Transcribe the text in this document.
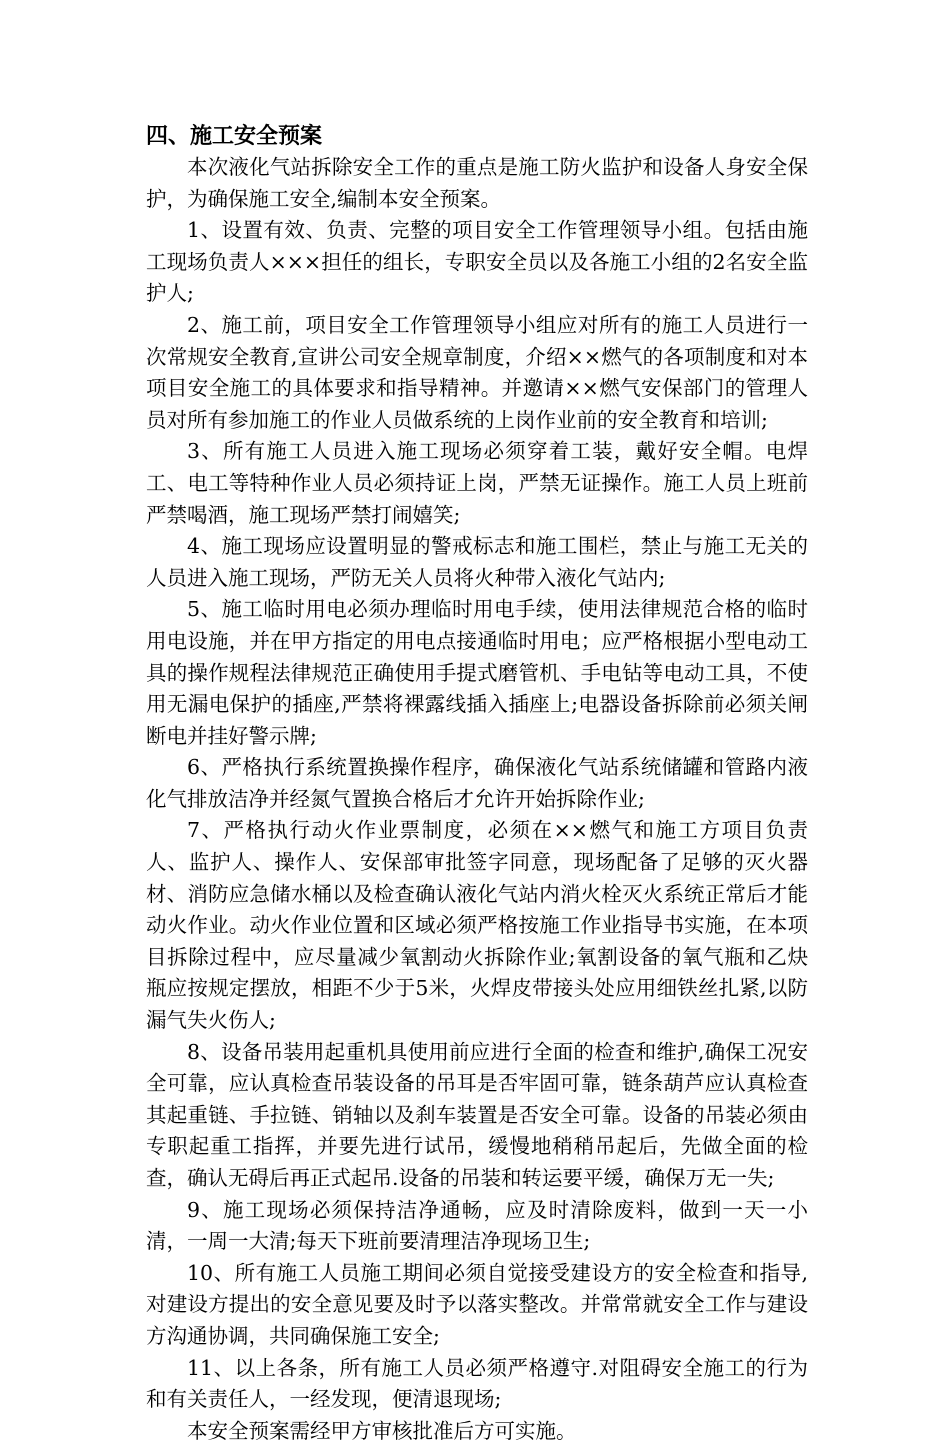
四、施工安全预案

本次液化气站拆除安全工作的重点是施工防火监护和设备人身安全保护，为确保施工安全,编制本安全预案。

1、设置有效、负责、完整的项目安全工作管理领导小组。包括由施工现场负责人×××担任的组长，专职安全员以及各施工小组的2名安全监护人;

2、施工前，项目安全工作管理领导小组应对所有的施工人员进行一次常规安全教育,宣讲公司安全规章制度，介绍××燃气的各项制度和对本项目安全施工的具体要求和指导精神。并邀请××燃气安保部门的管理人员对所有参加施工的作业人员做系统的上岗作业前的安全教育和培训;

3、所有施工人员进入施工现场必须穿着工装，戴好安全帽。电焊工、电工等特种作业人员必须持证上岗，严禁无证操作。施工人员上班前严禁喝酒，施工现场严禁打闹嬉笑;

4、施工现场应设置明显的警戒标志和施工围栏，禁止与施工无关的人员进入施工现场，严防无关人员将火种带入液化气站内;

5、施工临时用电必须办理临时用电手续，使用法律规范合格的临时用电设施，并在甲方指定的用电点接通临时用电；应严格根据小型电动工具的操作规程法律规范正确使用手提式磨管机、手电钻等电动工具，不使用无漏电保护的插座,严禁将裸露线插入插座上;电器设备拆除前必须关闸断电并挂好警示牌;

6、严格执行系统置换操作程序，确保液化气站系统储罐和管路内液化气排放洁净并经氮气置换合格后才允许开始拆除作业;

7、严格执行动火作业票制度，必须在××燃气和施工方项目负责人、监护人、操作人、安保部审批签字同意，现场配备了足够的灭火器材、消防应急储水桶以及检查确认液化气站内消火栓灭火系统正常后才能动火作业。动火作业位置和区域必须严格按施工作业指导书实施，在本项目拆除过程中，应尽量减少氧割动火拆除作业;氧割设备的氧气瓶和乙炔瓶应按规定摆放，相距不少于5米，火焊皮带接头处应用细铁丝扎紧,以防漏气失火伤人;

8、设备吊装用起重机具使用前应进行全面的检查和维护,确保工况安全可靠，应认真检查吊装设备的吊耳是否牢固可靠，链条葫芦应认真检查其起重链、手拉链、销轴以及刹车装置是否安全可靠。设备的吊装必须由专职起重工指挥，并要先进行试吊，缓慢地稍稍吊起后，先做全面的检查，确认无碍后再正式起吊.设备的吊装和转运要平缓，确保万无一失;

9、施工现场必须保持洁净通畅，应及时清除废料，做到一天一小清，一周一大清;每天下班前要清理洁净现场卫生;

10、所有施工人员施工期间必须自觉接受建设方的安全检查和指导,对建设方提出的安全意见要及时予以落实整改。并常常就安全工作与建设方沟通协调，共同确保施工安全;

11、以上各条，所有施工人员必须严格遵守.对阻碍安全施工的行为和有关责任人，一经发现，便清退现场;

本安全预案需经甲方审核批准后方可实施。
